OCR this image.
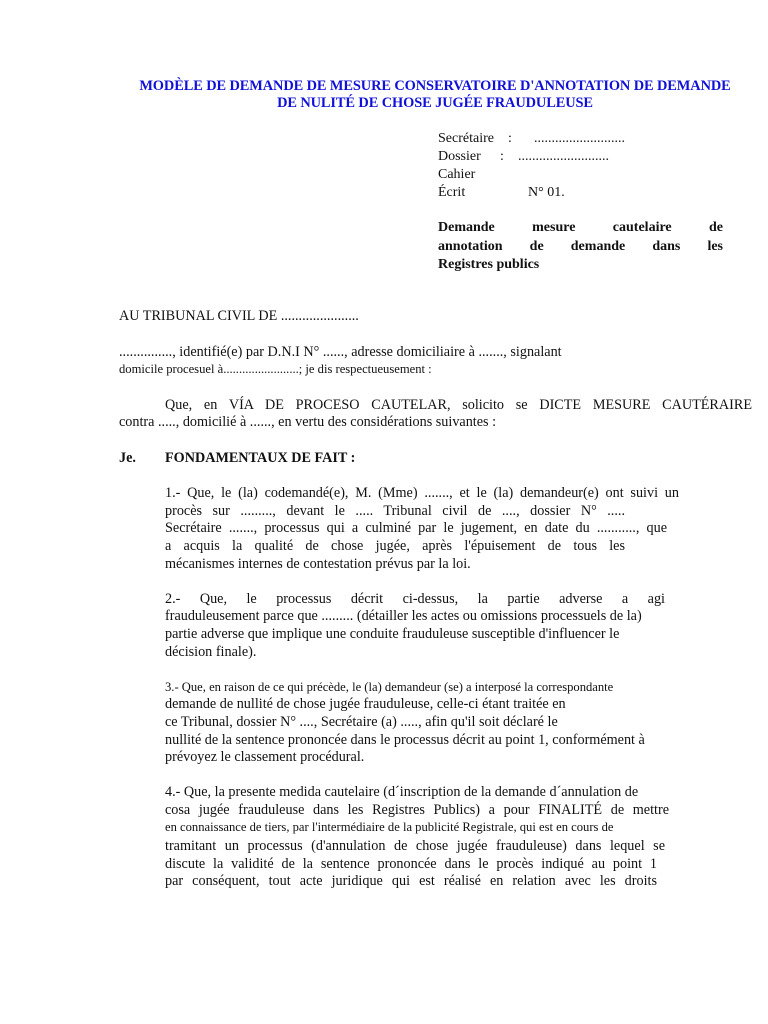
MODÈLE DE DEMANDE DE MESURE CONSERVATOIRE D'ANNOTATION DE DEMANDE
DE NULITÉ DE CHOSE JUGÉE FRAUDULEUSE
Secrétaire	:	..........................
Dossier	:	..........................
Cahier
Écrit	N° 01.
Demande mesure cautelaire de
annotation de demande dans les
Registres publics
AU TRIBUNAL CIVIL DE ......................
..............., identifié(e) par D.N.I N° ......, adresse domiciliaire à ......., signalant
domicile procesuel à........................; je dis respectueusement :
Que, en VÍA DE PROCESO CAUTELAR, solicito se DICTE MESURE CAUTÉRAIRE
contra ....., domicilié à ......, en vertu des considérations suivantes :
Je. FONDAMENTAUX DE FAIT :
1.- Que, le (la) codemandé(e), M. (Mme) ......., et le (la) demandeur(e) ont suivi un
procès sur ........., devant le ..... Tribunal civil de ...., dossier N° .....
Secrétaire ......., processus qui a culminé par le jugement, en date du ..........., que
a acquis la qualité de chose jugée, après l'épuisement de tous les
mécanismes internes de contestation prévus par la loi.
2.- Que, le processus décrit ci-dessus, la partie adverse a agi
frauduleusement parce que ......... (détailler les actes ou omissions processuels de la)
partie adverse que implique une conduite frauduleuse susceptible d'influencer le
décision finale).
3.- Que, en raison de ce qui précède, le (la) demandeur (se) a interposé la correspondante
demande de nullité de chose jugée frauduleuse, celle-ci étant traitée en
ce Tribunal, dossier N° ...., Secrétaire (a) ....., afin qu'il soit déclaré le
nullité de la sentence prononcée dans le processus décrit au point 1, conformément à
prévoyez le classement procédural.
4.- Que, la presente medida cautelaire (d´inscription de la demande d´annulation de
cosa jugée frauduleuse dans les Registres Publics) a pour FINALITÉ de mettre
en connaissance de tiers, par l'intermédiaire de la publicité Registrale, qui est en cours de
tramitant un processus (d'annulation de chose jugée frauduleuse) dans lequel se
discute la validité de la sentence prononcée dans le procès indiqué au point 1
par conséquent, tout acte juridique qui est réalisé en relation avec les droits
